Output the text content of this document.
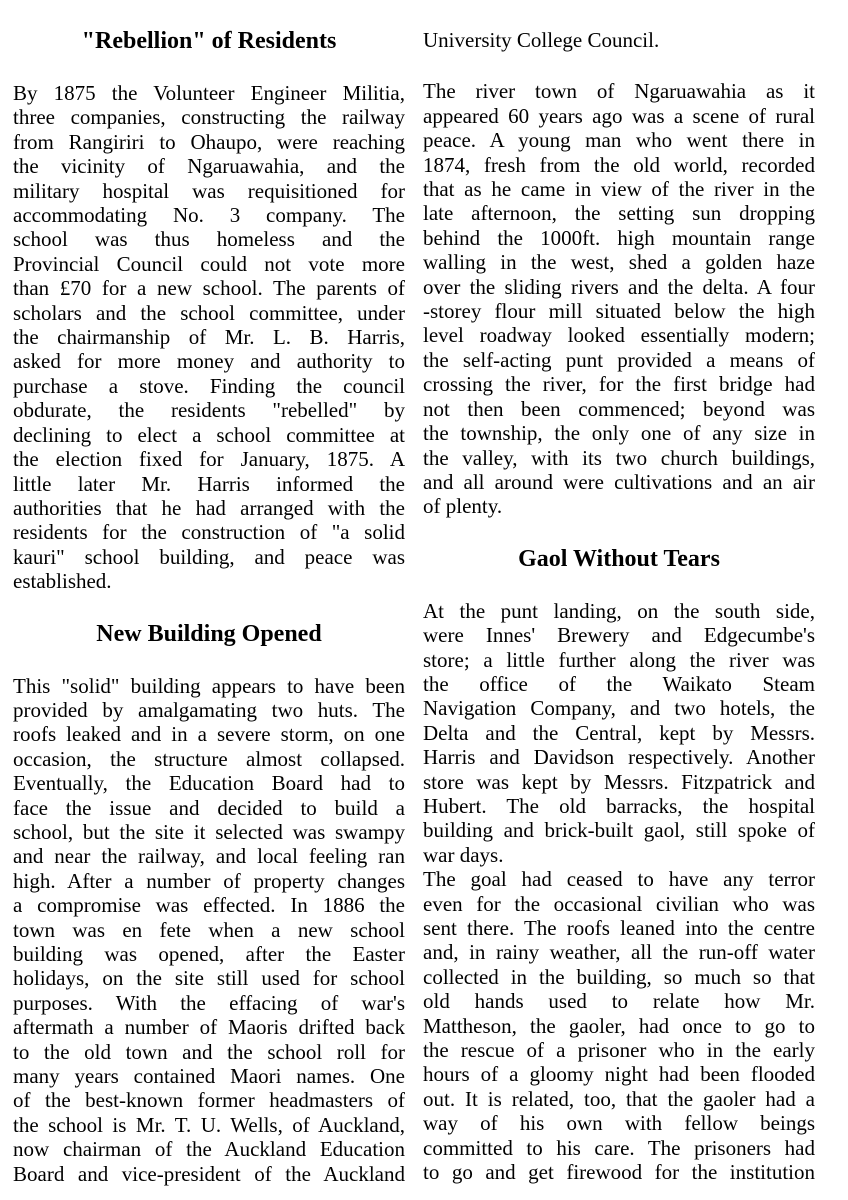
"Rebellion" of Residents
By 1875 the Volunteer Engineer Militia,
three companies, constructing the railway
from Rangiriri to Ohaupo, were reaching
the vicinity of Ngaruawahia, and the
military hospital was requisitioned for
accommodating No. 3 company. The
school was thus homeless and the
Provincial Council could not vote more
than £70 for a new school. The parents of
scholars and the school committee, under
the chairmanship of Mr. L. B. Harris,
asked for more money and authority to
purchase a stove. Finding the council
obdurate, the residents "rebelled" by
declining to elect a school committee at
the election fixed for January, 1875. A
little later Mr. Harris informed the
authorities that he had arranged with the
residents for the construction of "a solid
kauri" school building, and peace was
established.
New Building Opened
This "solid" building appears to have been
provided by amalgamating two huts. The
roofs leaked and in a severe storm, on one
occasion, the structure almost collapsed.
Eventually, the Education Board had to
face the issue and decided to build a
school, but the site it selected was swampy
and near the railway, and local feeling ran
high. After a number of property changes
a compromise was effected. In 1886 the
town was en fete when a new school
building was opened, after the Easter
holidays, on the site still used for school
purposes. With the effacing of war's
aftermath a number of Maoris drifted back
to the old town and the school roll for
many years contained Maori names. One
of the best-known former headmasters of
the school is Mr. T. U. Wells, of Auckland,
now chairman of the Auckland Education
Board and vice-president of the Auckland
University College Council.
The river town of Ngaruawahia as it
appeared 60 years ago was a scene of rural
peace. A young man who went there in
1874, fresh from the old world, recorded
that as he came in view of the river in the
late afternoon, the setting sun dropping
behind the 1000ft. high mountain range
walling in the west, shed a golden haze
over the sliding rivers and the delta. A four
-storey flour mill situated below the high
level roadway looked essentially modern;
the self-acting punt provided a means of
crossing the river, for the first bridge had
not then been commenced; beyond was
the township, the only one of any size in
the valley, with its two church buildings,
and all around were cultivations and an air
of plenty.
Gaol Without Tears
At the punt landing, on the south side,
were Innes' Brewery and Edgecumbe's
store; a little further along the river was
the office of the Waikato Steam
Navigation Company, and two hotels, the
Delta and the Central, kept by Messrs.
Harris and Davidson respectively. Another
store was kept by Messrs. Fitzpatrick and
Hubert. The old barracks, the hospital
building and brick-built gaol, still spoke of
war days.
The goal had ceased to have any terror
even for the occasional civilian who was
sent there. The roofs leaned into the centre
and, in rainy weather, all the run-off water
collected in the building, so much so that
old hands used to relate how Mr.
Mattheson, the gaoler, had once to go to
the rescue of a prisoner who in the early
hours of a gloomy night had been flooded
out. It is related, too, that the gaoler had a
way of his own with fellow beings
committed to his care. The prisoners had
to go and get firewood for the institution
